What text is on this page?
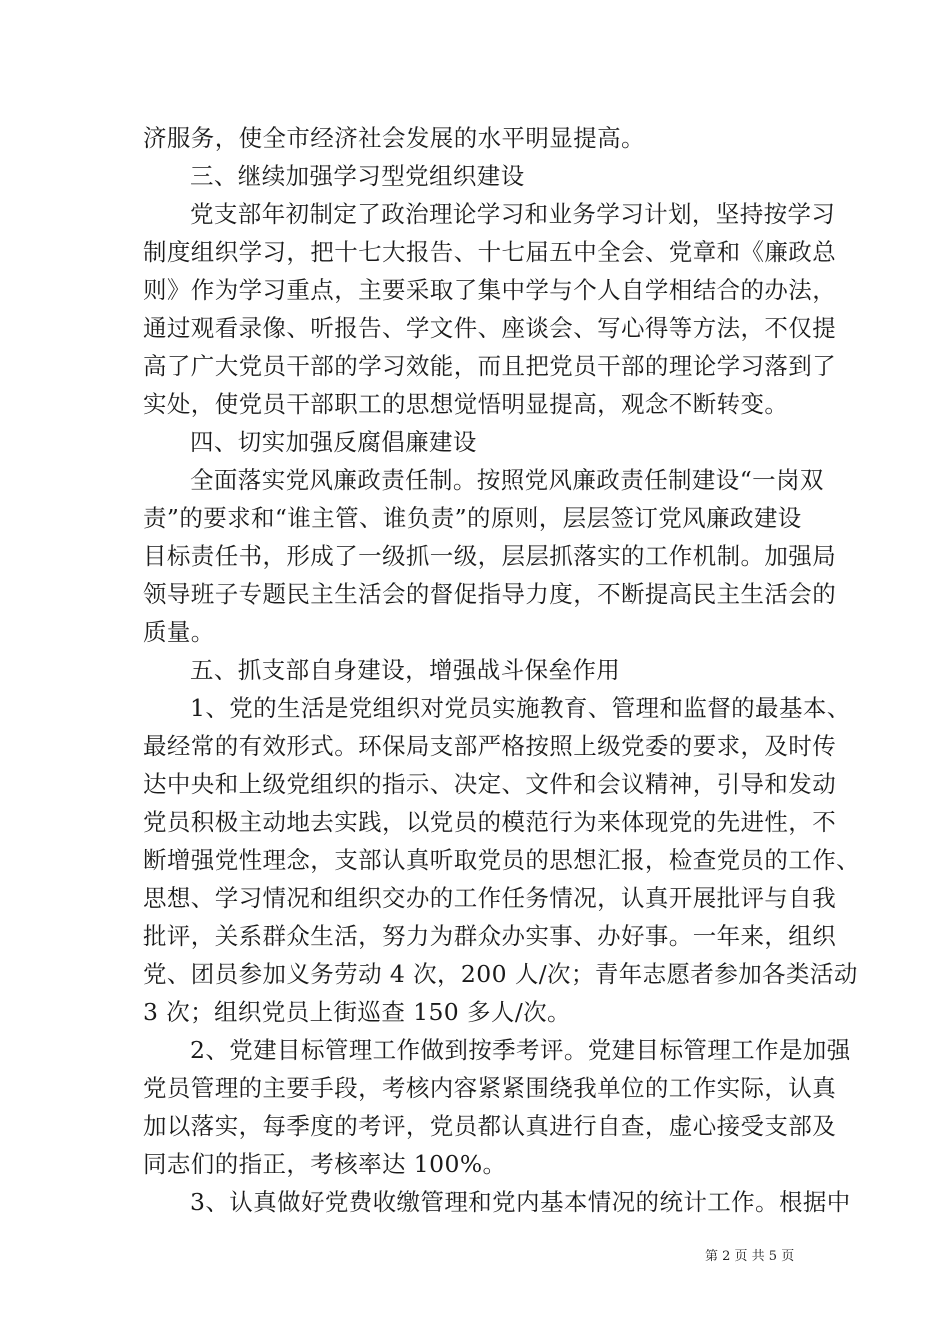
济服务，使全市经济社会发展的水平明显提高。
三、继续加强学习型党组织建设
党支部年初制定了政治理论学习和业务学习计划，坚持按学习
制度组织学习，把十七大报告、十七届五中全会、党章和《廉政总
则》作为学习重点，主要采取了集中学与个人自学相结合的办法，
通过观看录像、听报告、学文件、座谈会、写心得等方法，不仅提
高了广大党员干部的学习效能，而且把党员干部的理论学习落到了
实处，使党员干部职工的思想觉悟明显提高，观念不断转变。
四、切实加强反腐倡廉建设
全面落实党风廉政责任制。按照党风廉政责任制建设“一岗双
责”的要求和“谁主管、谁负责”的原则，层层签订党风廉政建设
目标责任书，形成了一级抓一级，层层抓落实的工作机制。加强局
领导班子专题民主生活会的督促指导力度，不断提高民主生活会的
质量。
五、抓支部自身建设，增强战斗保垒作用
1、党的生活是党组织对党员实施教育、管理和监督的最基本、
最经常的有效形式。环保局支部严格按照上级党委的要求，及时传
达中央和上级党组织的指示、决定、文件和会议精神，引导和发动
党员积极主动地去实践，以党员的模范行为来体现党的先进性，不
断增强党性理念，支部认真听取党员的思想汇报，检查党员的工作、
思想、学习情况和组织交办的工作任务情况，认真开展批评与自我
批评，关系群众生活，努力为群众办实事、办好事。一年来，组织
党、团员参加义务劳动 4 次，200 人/次；青年志愿者参加各类活动
3 次；组织党员上街巡查 150 多人/次。
2、党建目标管理工作做到按季考评。党建目标管理工作是加强
党员管理的主要手段，考核内容紧紧围绕我单位的工作实际，认真
加以落实，每季度的考评，党员都认真进行自查，虚心接受支部及
同志们的指正，考核率达 100%。
3、认真做好党费收缴管理和党内基本情况的统计工作。根据中
第 2 页 共 5 页
